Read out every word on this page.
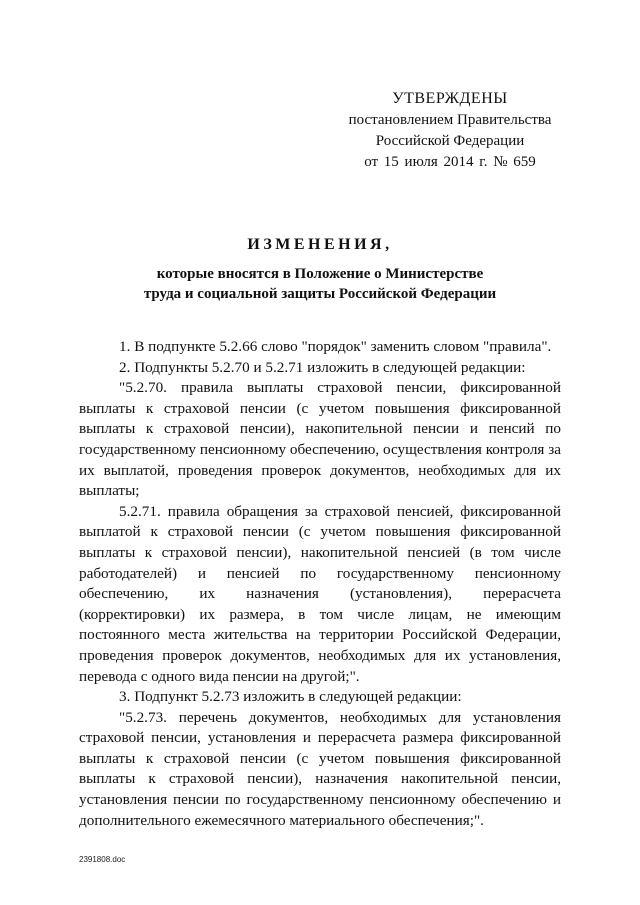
УТВЕРЖДЕНЫ
постановлением Правительства
Российской Федерации
от 15 июля 2014 г. № 659
ИЗМЕНЕНИЯ,
которые вносятся в Положение о Министерстве
труда и социальной защиты Российской Федерации

1. В подпункте 5.2.66 слово "порядок" заменить словом "правила".

2. Подпункты 5.2.70 и 5.2.71 изложить в следующей редакции:

"5.2.70. правила выплаты страховой пенсии, фиксированной выплаты к страховой пенсии (с учетом повышения фиксированной выплаты к страховой пенсии), накопительной пенсии и пенсий по государственному пенсионному обеспечению, осуществления контроля за их выплатой, проведения проверок документов, необходимых для их выплаты;

5.2.71. правила обращения за страховой пенсией, фиксированной выплатой к страховой пенсии (с учетом повышения фиксированной выплаты к страховой пенсии), накопительной пенсией (в том числе работодателей) и пенсией по государственному пенсионному обеспечению, их назначения (установления), перерасчета (корректировки) их размера, в том числе лицам, не имеющим постоянного места жительства на территории Российской Федерации, проведения проверок документов, необходимых для их установления, перевода с одного вида пенсии на другой;".

3. Подпункт 5.2.73 изложить в следующей редакции:

"5.2.73. перечень документов, необходимых для установления страховой пенсии, установления и перерасчета размера фиксированной выплаты к страховой пенсии (с учетом повышения фиксированной выплаты к страховой пенсии), назначения накопительной пенсии, установления пенсии по государственному пенсионному обеспечению и дополнительного ежемесячного материального обеспечения;".

2391808.doc
